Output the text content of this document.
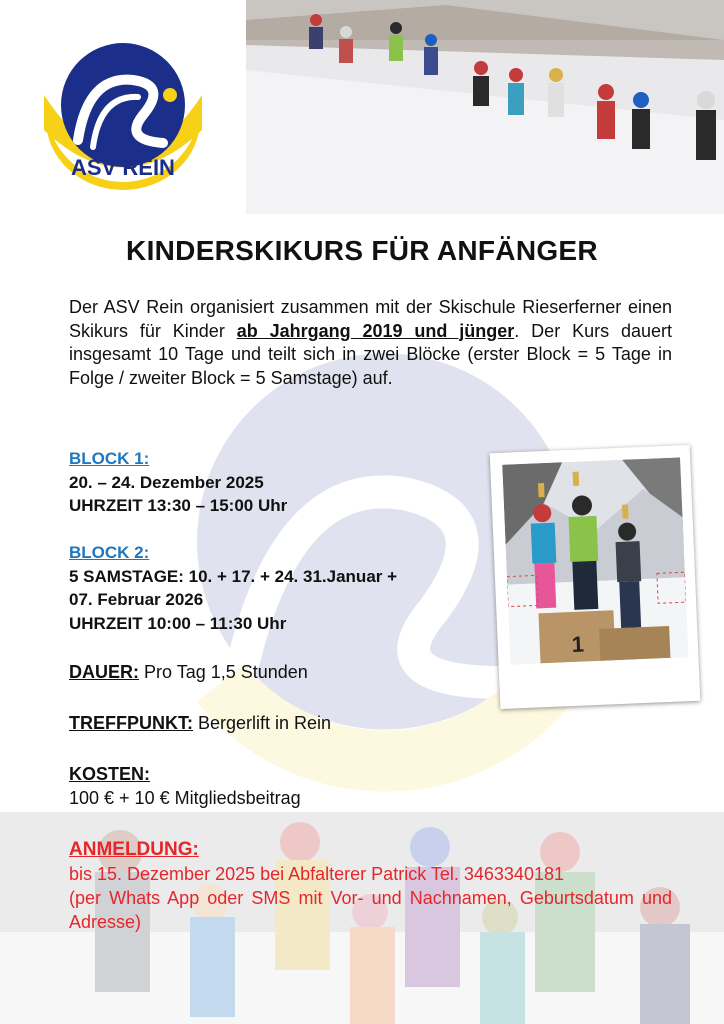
ASV REIN
KINDERSKIKURS FÜR ANFÄNGER
Der ASV Rein organisiert zusammen mit der Skischule Rieserferner einen Skikurs für Kinder ab Jahrgang 2019 und jünger. Der Kurs dauert insgesamt 10 Tage und teilt sich in zwei Blöcke (erster Block = 5 Tage in Folge / zweiter Block = 5 Samstage) auf.
BLOCK 1:
20. – 24. Dezember 2025
UHRZEIT 13:30 – 15:00 Uhr
BLOCK 2:
5 SAMSTAGE: 10. + 17. + 24. 31.Januar +
07. Februar 2026
UHRZEIT 10:00 – 11:30 Uhr
DAUER: Pro Tag 1,5 Stunden
TREFFPUNKT: Bergerlift in Rein
KOSTEN:
100 € + 10 € Mitgliedsbeitrag
ANMELDUNG:
bis 15. Dezember 2025 bei Abfalterer Patrick Tel. 3463340181
(per Whats App oder SMS mit Vor- und Nachnamen, Geburtsdatum und Adresse)
1
